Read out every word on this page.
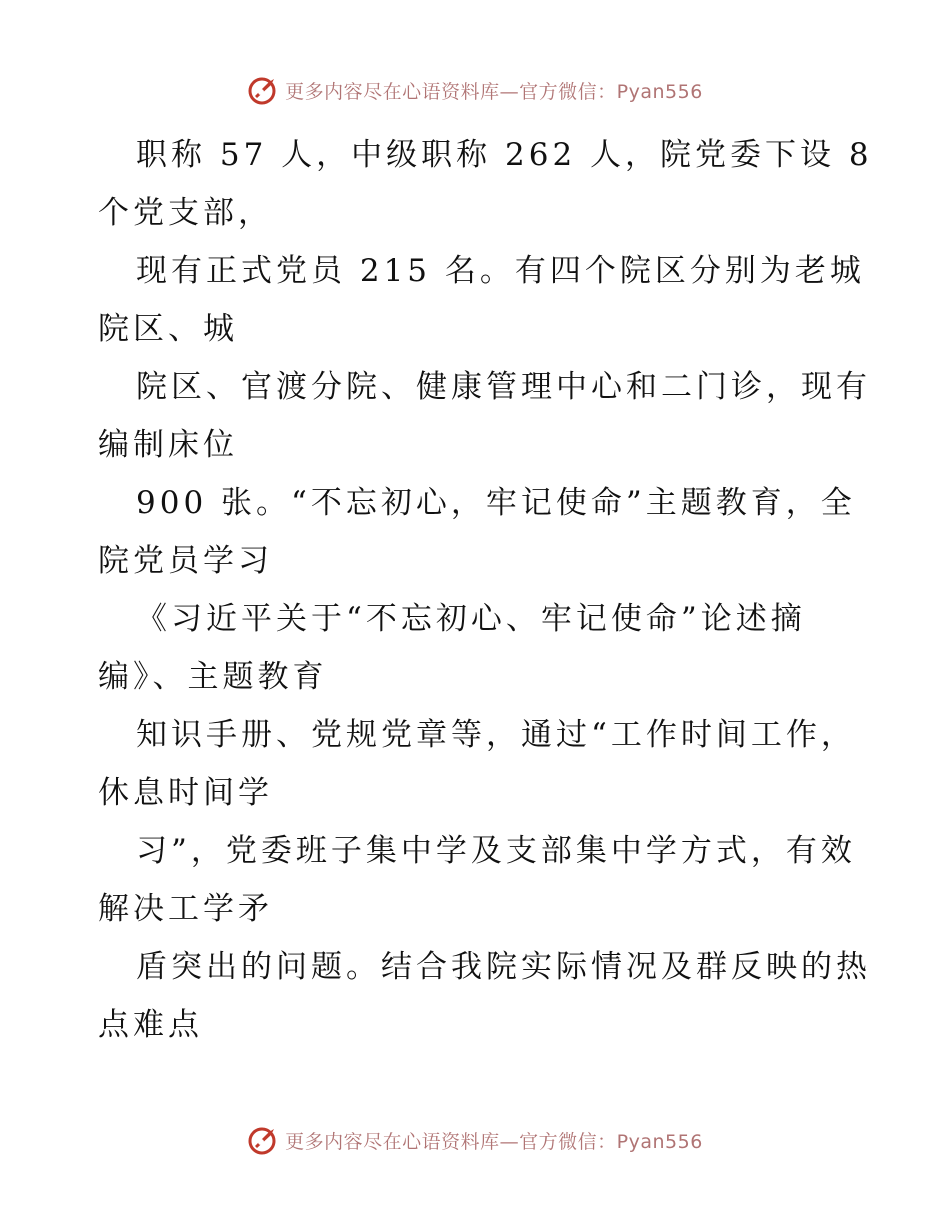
更多内容尽在心语资料库—官方微信：Pyan556
职称 57 人，中级职称 262 人，院党委下设 8
个党支部，
现有正式党员 215 名。有四个院区分别为老城
院区、城
院区、官渡分院、健康管理中心和二门诊，现有
编制床位
900 张。“不忘初心，牢记使命”主题教育，全
院党员学习
《习近平关于“不忘初心、牢记使命”论述摘
编》、主题教育
知识手册、党规党章等，通过“工作时间工作，
休息时间学
习”，党委班子集中学及支部集中学方式，有效
解决工学矛
盾突出的问题。结合我院实际情况及群反映的热
点难点
更多内容尽在心语资料库—官方微信：Pyan556
